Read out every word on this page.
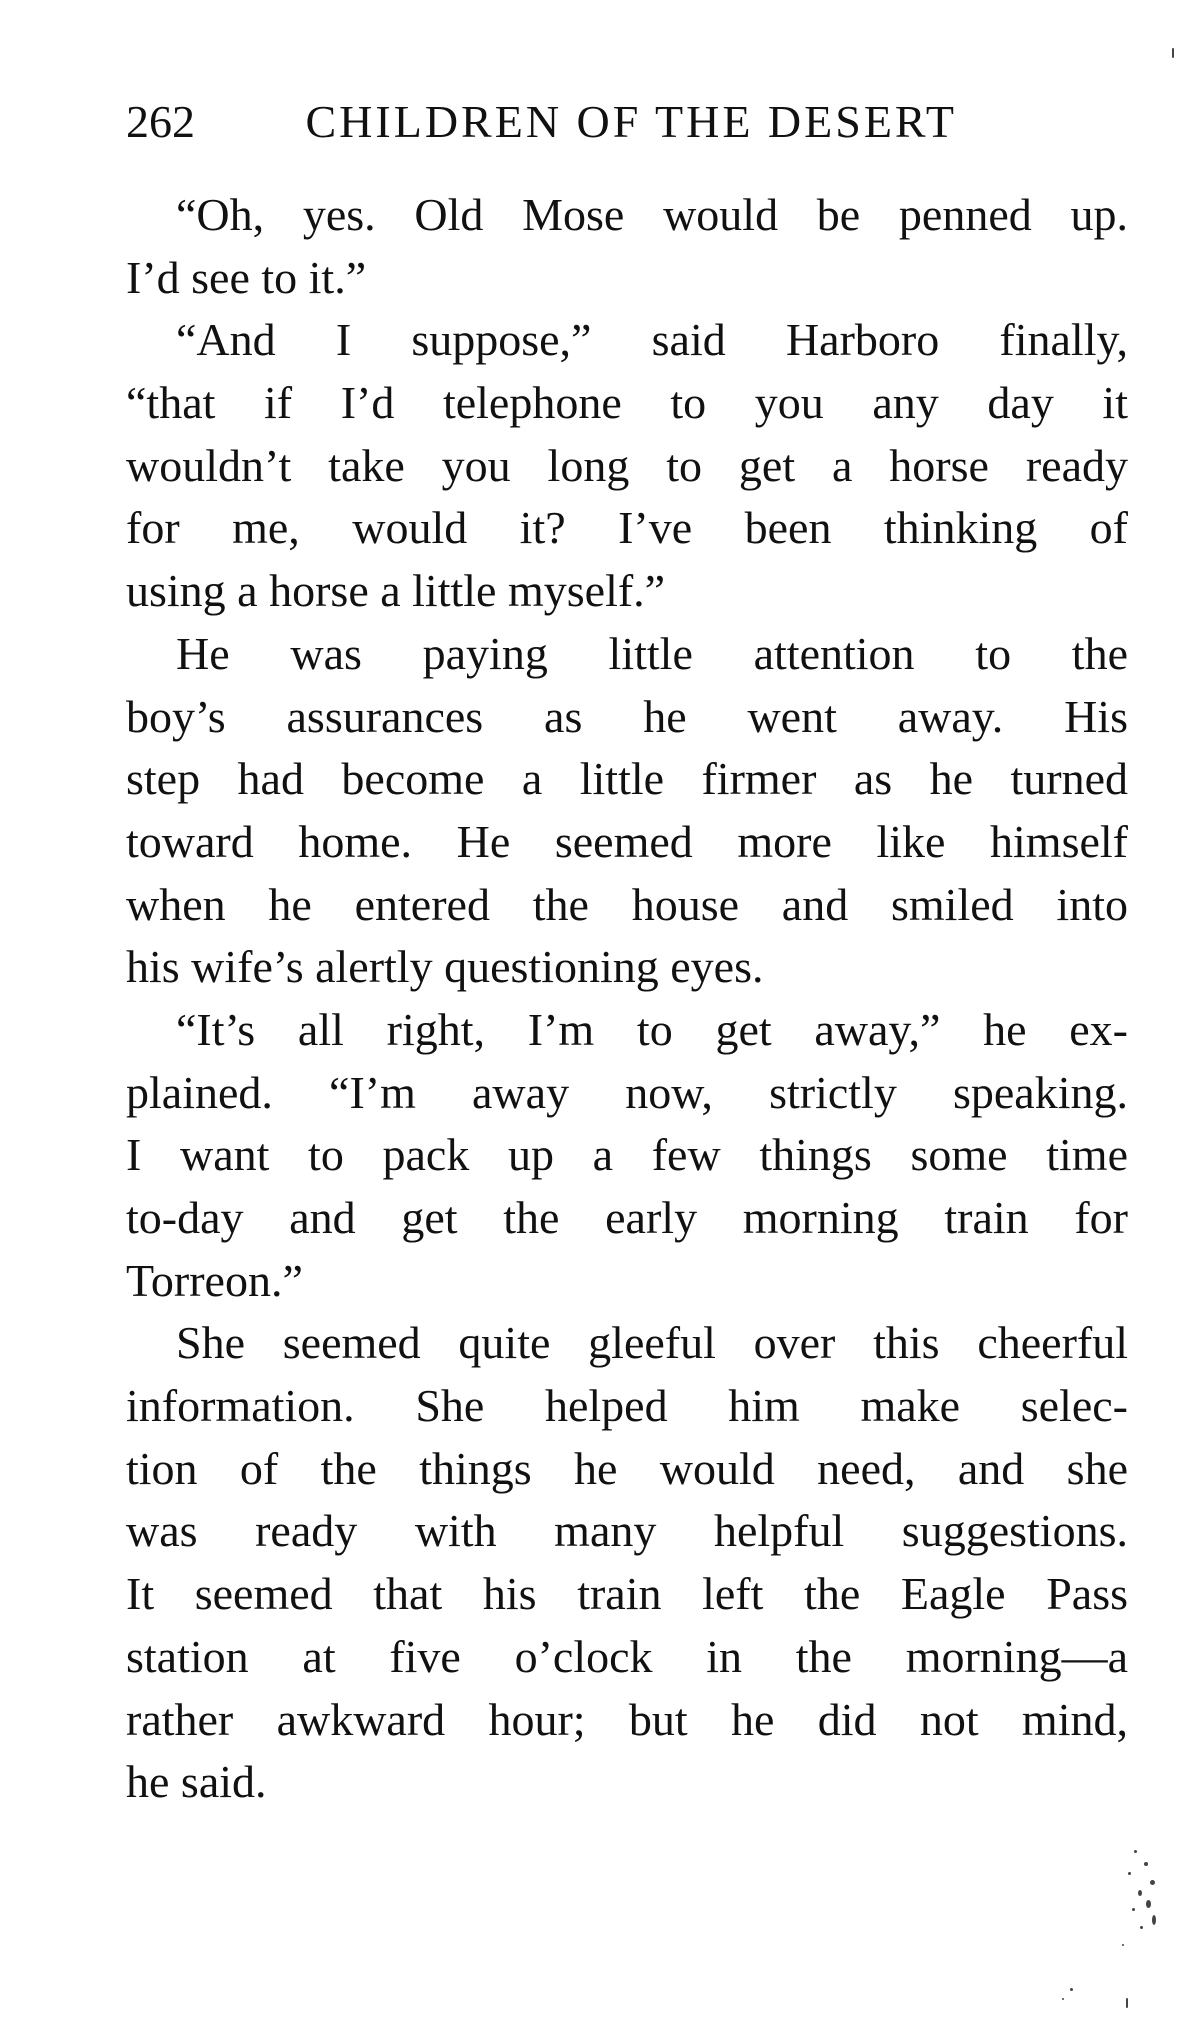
262 CHILDREN OF THE DESERT

“Oh, yes. Old Mose would be penned up.
I’d see to it.”

“And I suppose,” said Harboro finally,
“that if I’d telephone to you any day it
wouldn’t take you long to get a horse ready
for me, would it? I’ve been thinking of
using a horse a little myself.”

He was paying little attention to the
boy’s assurances as he went away. His
step had become a little firmer as he turned
toward home. He seemed more like himself
when he entered the house and smiled into
his wife’s alertly questioning eyes.

“It’s all right, I’m to get away,” he ex-
plained. “I’m away now, strictly speaking.
I want to pack up a few things some time
to-day and get the early morning train for
Torreon.”

She seemed quite gleeful over this cheerful
information. She helped him make selec-
tion of the things he would need, and she
was ready with many helpful suggestions.
It seemed that his train left the Eagle Pass
station at five o’clock in the morning—a
rather awkward hour; but he did not mind,
he said.
